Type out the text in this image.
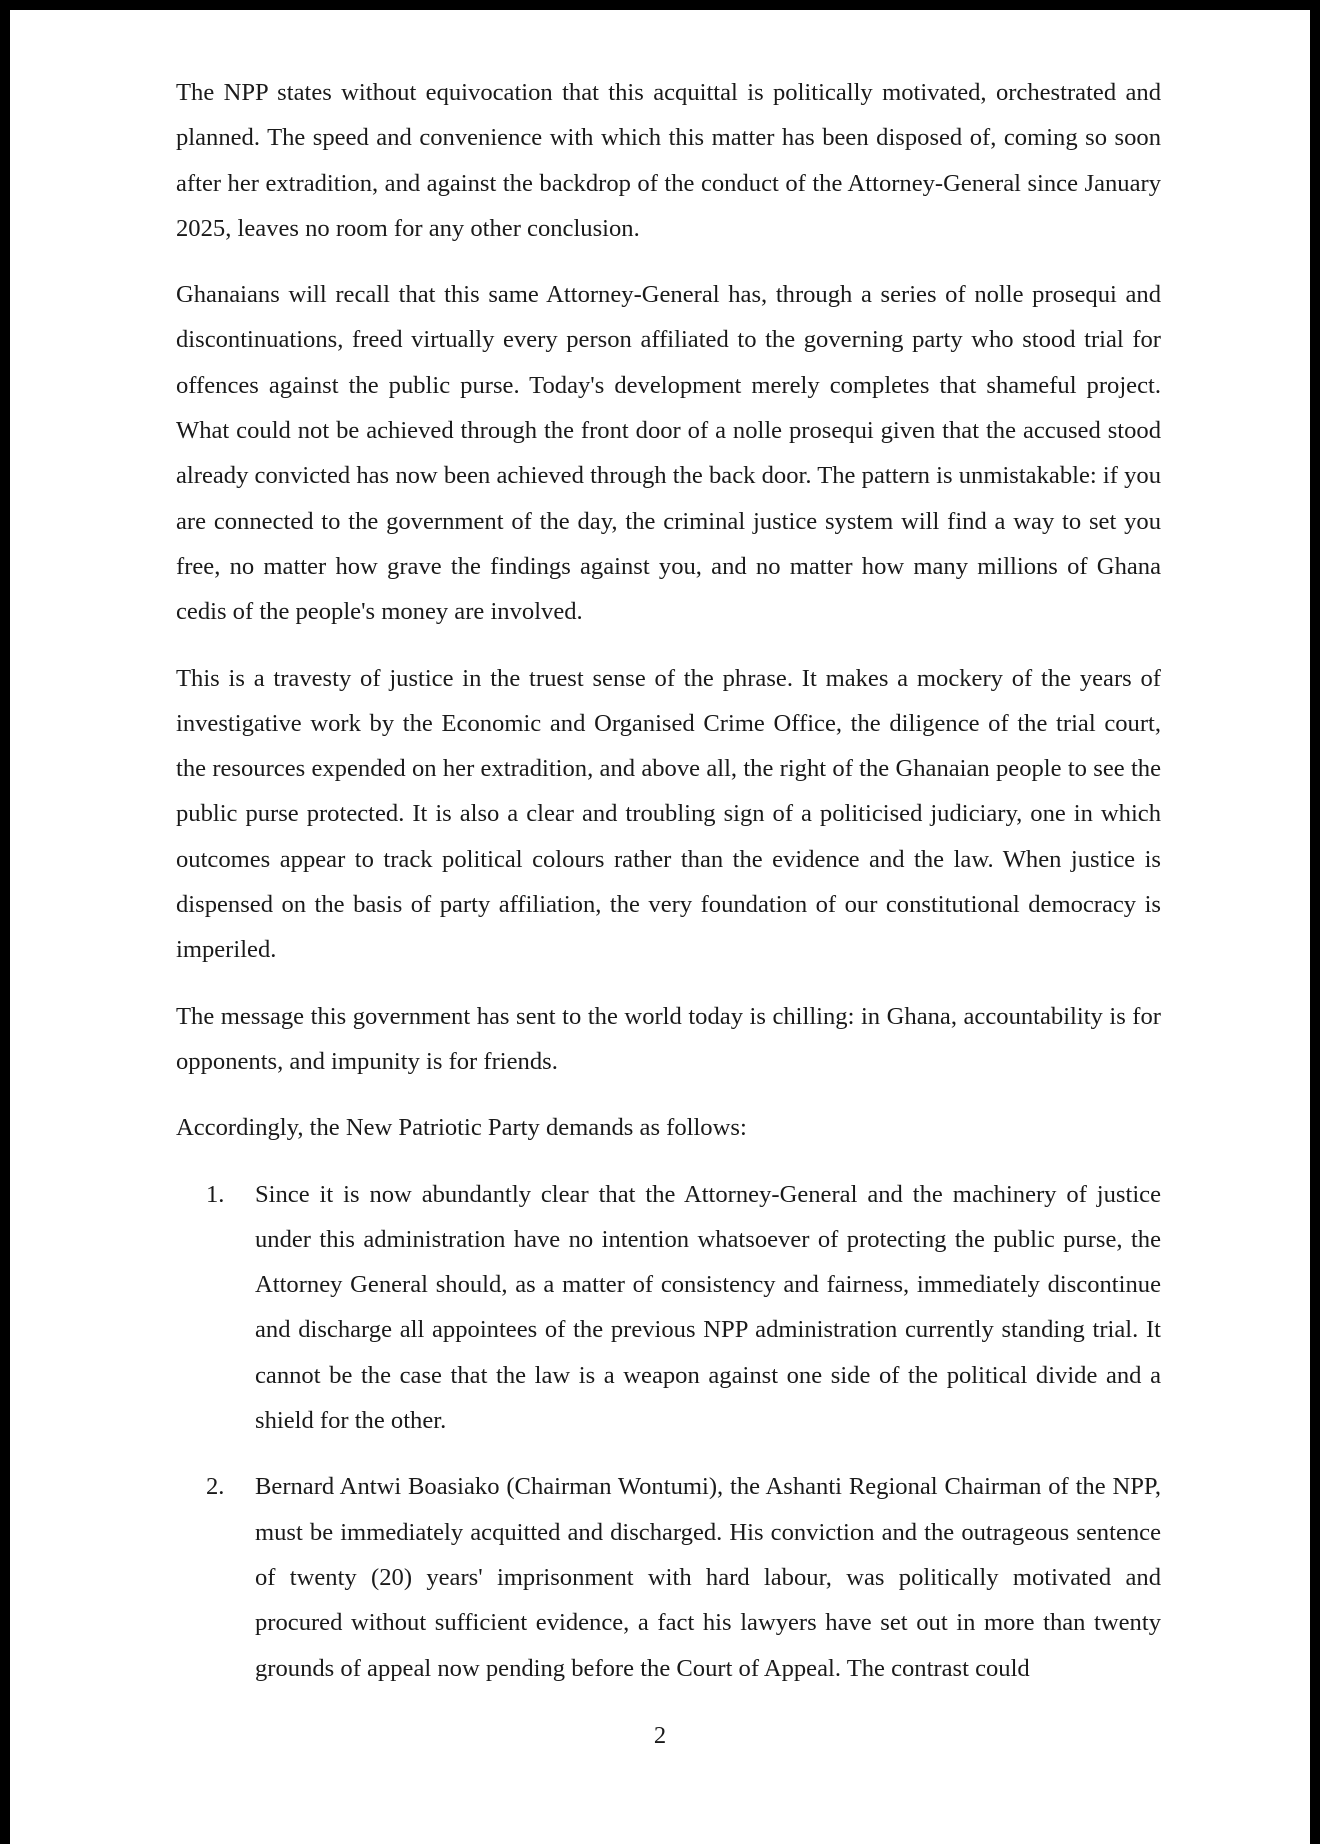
The NPP states without equivocation that this acquittal is politically motivated, orchestrated and planned. The speed and convenience with which this matter has been disposed of, coming so soon after her extradition, and against the backdrop of the conduct of the Attorney-General since January 2025, leaves no room for any other conclusion.

Ghanaians will recall that this same Attorney-General has, through a series of nolle prosequi and discontinuations, freed virtually every person affiliated to the governing party who stood trial for offences against the public purse. Today's development merely completes that shameful project. What could not be achieved through the front door of a nolle prosequi given that the accused stood already convicted has now been achieved through the back door. The pattern is unmistakable: if you are connected to the government of the day, the criminal justice system will find a way to set you free, no matter how grave the findings against you, and no matter how many millions of Ghana cedis of the people's money are involved.

This is a travesty of justice in the truest sense of the phrase. It makes a mockery of the years of investigative work by the Economic and Organised Crime Office, the diligence of the trial court, the resources expended on her extradition, and above all, the right of the Ghanaian people to see the public purse protected. It is also a clear and troubling sign of a politicised judiciary, one in which outcomes appear to track political colours rather than the evidence and the law. When justice is dispensed on the basis of party affiliation, the very foundation of our constitutional democracy is imperiled.

The message this government has sent to the world today is chilling: in Ghana, accountability is for opponents, and impunity is for friends.

Accordingly, the New Patriotic Party demands as follows:

1. Since it is now abundantly clear that the Attorney-General and the machinery of justice under this administration have no intention whatsoever of protecting the public purse, the Attorney General should, as a matter of consistency and fairness, immediately discontinue and discharge all appointees of the previous NPP administration currently standing trial. It cannot be the case that the law is a weapon against one side of the political divide and a shield for the other.
2. Bernard Antwi Boasiako (Chairman Wontumi), the Ashanti Regional Chairman of the NPP, must be immediately acquitted and discharged. His conviction and the outrageous sentence of twenty (20) years' imprisonment with hard labour, was politically motivated and procured without sufficient evidence, a fact his lawyers have set out in more than twenty grounds of appeal now pending before the Court of Appeal. The contrast could
2
